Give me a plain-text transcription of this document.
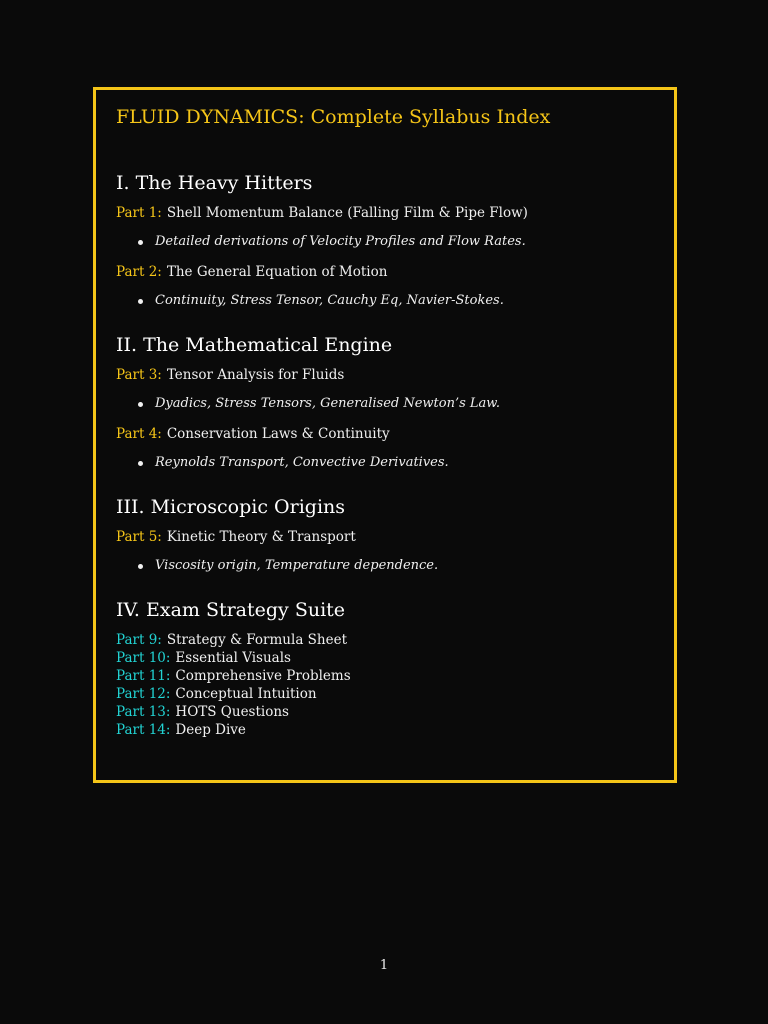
FLUID DYNAMICS: Complete Syllabus Index
I. The Heavy Hitters
Part 1: Shell Momentum Balance (Falling Film & Pipe Flow)
Detailed derivations of Velocity Profiles and Flow Rates.
Part 2: The General Equation of Motion
Continuity, Stress Tensor, Cauchy Eq, Navier-Stokes.
II. The Mathematical Engine
Part 3: Tensor Analysis for Fluids
Dyadics, Stress Tensors, Generalised Newton’s Law.
Part 4: Conservation Laws & Continuity
Reynolds Transport, Convective Derivatives.
III. Microscopic Origins
Part 5: Kinetic Theory & Transport
Viscosity origin, Temperature dependence.
IV. Exam Strategy Suite
Part 9: Strategy & Formula Sheet
Part 10: Essential Visuals
Part 11: Comprehensive Problems
Part 12: Conceptual Intuition
Part 13: HOTS Questions
Part 14: Deep Dive
1
